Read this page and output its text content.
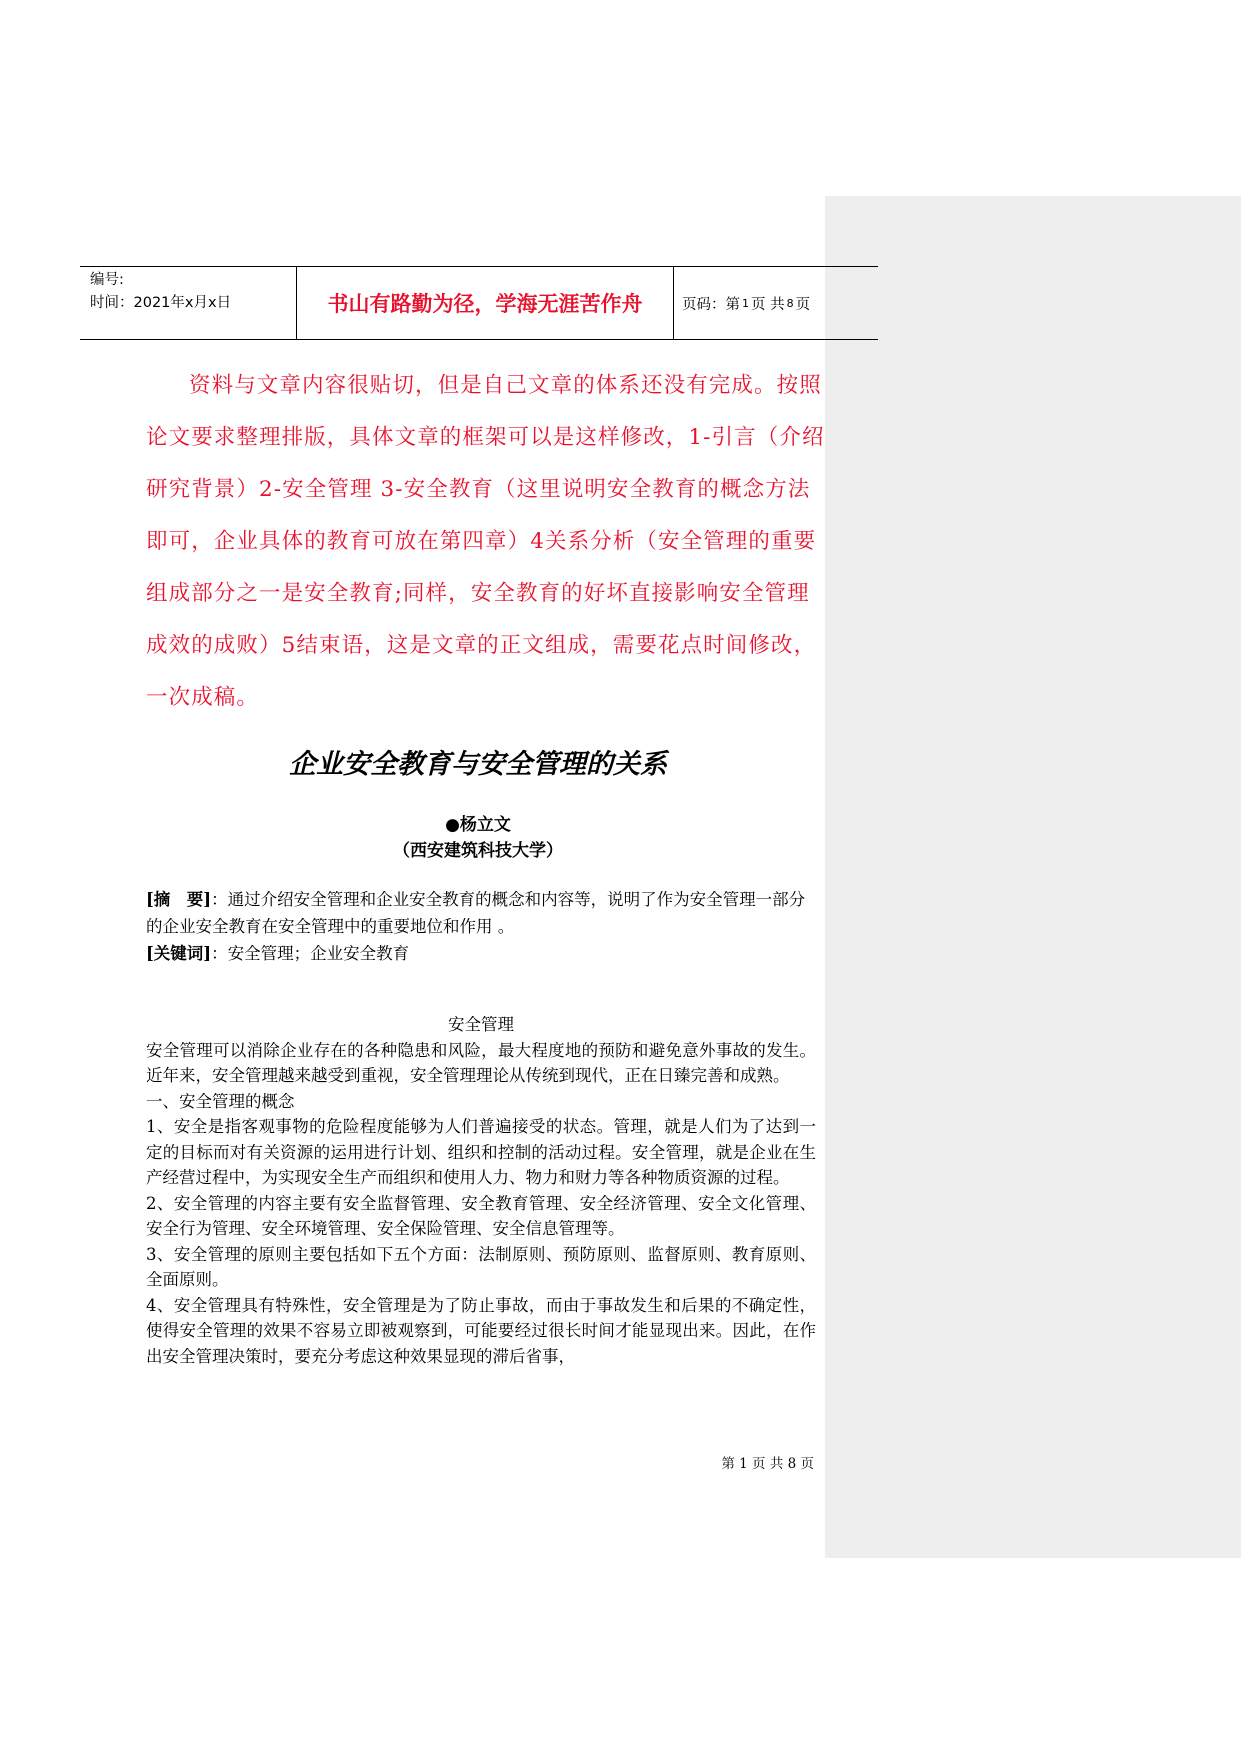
编号:
时间：2021年x月x日	书山有路勤为径，学海无涯苦作舟	页码：第 1 页 共 8 页

资料与文章内容很贴切，但是自己文章的体系还没有完成。按照论文要求整理排版，具体文章的框架可以是这样修改，1-引言（介绍研究背景）2-安全管理 3-安全教育（这里说明安全教育的概念方法即可，企业具体的教育可放在第四章）4关系分析（安全管理的重要组成部分之一是安全教育;同样，安全教育的好坏直接影响安全管理成效的成败）5结束语，这是文章的正文组成，需要花点时间修改，一次成稿。

企业安全教育与安全管理的关系
●杨立文
（西安建筑科技大学）
[摘　要]：通过介绍安全管理和企业安全教育的概念和内容等，说明了作为安全管理一部分的企业安全教育在安全管理中的重要地位和作用 。
[关键词]：安全管理；企业安全教育

安全管理

安全管理可以消除企业存在的各种隐患和风险，最大程度地的预防和避免意外事故的发生。近年来，安全管理越来越受到重视，安全管理理论从传统到现代，正在日臻完善和成熟。

一、安全管理的概念

1、安全是指客观事物的危险程度能够为人们普遍接受的状态。管理，就是人们为了达到一定的目标而对有关资源的运用进行计划、组织和控制的活动过程。安全管理，就是企业在生产经营过程中，为实现安全生产而组织和使用人力、物力和财力等各种物质资源的过程。

2、安全管理的内容主要有安全监督管理、安全教育管理、安全经济管理、安全文化管理、安全行为管理、安全环境管理、安全保险管理、安全信息管理等。

3、安全管理的原则主要包括如下五个方面：法制原则、预防原则、监督原则、教育原则、全面原则。

4、安全管理具有特殊性，安全管理是为了防止事故，而由于事故发生和后果的不确定性，使得安全管理的效果不容易立即被观察到，可能要经过很长时间才能显现出来。因此，在作出安全管理决策时，要充分考虑这种效果显现的滞后省事，

第 1 页 共 8 页
